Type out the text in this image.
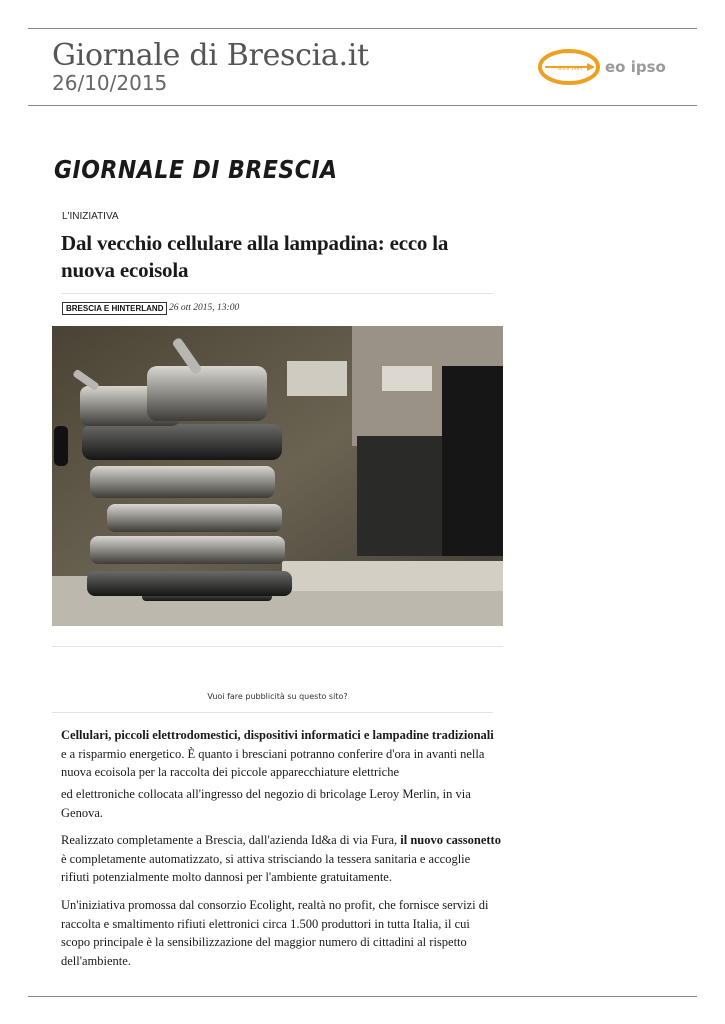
Giornale di Brescia.it
26/10/2015
since 1993 eo ipso
GIORNALE DI BRESCIA
L'INIZIATIVA
Dal vecchio cellulare alla lampadina: ecco la nuova ecoisola
BRESCIA E HINTERLAND 26 ott 2015, 13:00
Vuoi fare pubblicità su questo sito?

Cellulari, piccoli elettrodomestici, dispositivi informatici e lampadine tradizionali e a risparmio energetico. È quanto i bresciani potranno conferire d'ora in avanti nella nuova ecoisola per la raccolta dei piccole apparecchiature elettriche

ed elettroniche collocata all'ingresso del negozio di bricolage Leroy Merlin, in via Genova.

Realizzato completamente a Brescia, dall'azienda Id&a di via Fura, il nuovo cassonetto è completamente automatizzato, si attiva strisciando la tessera sanitaria e accoglie rifiuti potenzialmente molto dannosi per l'ambiente gratuitamente.

Un'iniziativa promossa dal consorzio Ecolight, realtà no profit, che fornisce servizi di raccolta e smaltimento rifiuti elettronici circa 1.500 produttori in tutta Italia, il cui scopo principale è la sensibilizzazione del maggior numero di cittadini al rispetto dell'ambiente.
